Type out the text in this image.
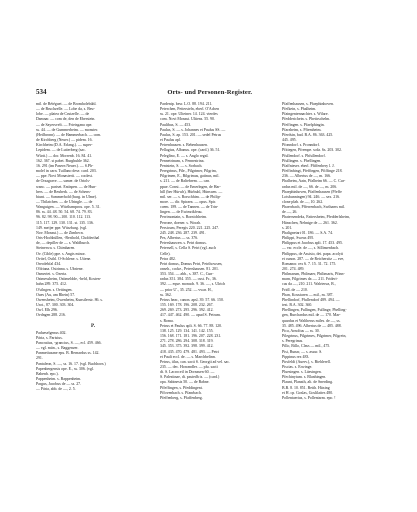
534	Orts- und Personen-Register.
mil. de Bétéguet. — de Bromholebühl.
— de Bruchzelle. — Lobe da, s. Beu-
lobe. — platea de Crutzelle. — de
Damnar. — com de, den de Eberstein.
— de Sayersvelt. — Frieisgana ope.
ss. 44. — de Gummerheim. — monster.
(Heilbronn). — de Hammerbach. — com.
de Kirchberg (Neuer.) — pidem. 16.
Kirchheim (D.A. Erlang.). — super-
Lepidem. — de Lutterberg (sac.
Württ.) — dor. Morrenb. 16. 84. 41.
162. 367. st pabet. Burgbuhle 362.
16. 291 (im Pasern Neuer.). — S.Ph-
molel in carn. Tuillano dese. card. 203.
— ppe. Novi Monasterii. — coolest.
de Orsagrave. — samer. de Oriols-
wanc. — pariset. Entispen. — de Hun-
hers. — de Reuberk. — de Schens-
biunt. — Sammerhold (burg. in Ulme).
— Thilatchen. — de Ulringle. — de
Wanguigen. — Würthamprou. ope. 5. 31.
86. ss. 44. 48. 50. 54. 68. 74. 79. 83.
96. 82. 98. 90—100. 110. 112. 113.
115. 117. 129. 130. 131. st. 135. 136.
149. meijer ppe. Würzburg. (vgl.
Nov. Monast.) — de Zimbecn.
Orts-Hochhüllen, -Berthold, Cholderthal
de, — depiller de — s. Waldburch.
Steinerwa. s. Chimbaren.
Ov. (Cible) ppe. s. Angis minor.
Ovitel, Osthl. O-Schlene. s. Utiene.
Orecdebfal 434.
O'driana. Ostrinna. s. Ubriene.
Osmeriet. s. Ozeria.
Ostmessheim, Ostimeldde, -beld, Kosten-
hahn 289. 375. 412.
O'stlngen. s. Oettingen.
Oues (Au, am Rhein) 57.
Owensheim, Owenheim, Kunstlerstr. 86. s.
Urot., 87. 300. 303. 304.
Owl. Elb 296.
Ovdngen 288. 216.
P.
Padaeselgenus 402.
Pária, s. Parisius.
Pancratius, -grancius, S. —, ecl. 459. 466.
— vgl. mün., s. Baggenzer.
Panmetiusane epu. B. Bernardus ss. 142.
291.
Pantaleon, S. —, ss. 16. 17. (vgl. Buchhorn.)
Papenbergensis ope. E., ss. 306. (vgl.
Babenb. epo.).
Pappenheim. s. Bappenheim.
Pargus, Jacobus de — ss. 27.
— Pária, abb. de —, 2. 5.
Pardenip. besr. L.O. 88. 194. 211.
Peterchen, Pettersteln, eberl. O'Achen
ss. 21. ope. Ulteiner. 14. 124. vierdes
com. Novi Monast. Ultiens. 55. 90.
Paulibus, S. — 453.
Paulus, S. — s. Johannes et Paulus SS. —
Paulus, S. ap. 153. 201. — sedel Petrus
et Paulus apl.
Petrenhausen. s. Bebenhausen.
Pellagius, Albanus. ope. (card.) 36. 51.
Peleglino, E. — s. Anglo regal.
Pennetrinum, s. Pennestrina.
Pentstein, S. — s. Sorbach.
Peregrinus, Pile., Pilgrimer, Pilgrim,
Pilgrimen, E., Bilgrimus, gatinus, mil.
s. 211. — de Baltebrem. — can.
ppue. Const. — de Emerlngen, de Har-
hill (ber Hürwh), Hürbuhl, Hünswm. —
mil. ser. — s. Rorschhim. — de Philip-
more. — dir. Spiraea. — opus. Spir.
coem. 189. — de Tannen. — de Trin-
lingen. — de Ewimrikfeau.
Perrimontain, s. Bornichheim.
Perrone, doener. s. Worah.
Persicum, Peregis 220. 221. 225. 247.
245. 248. 236. 287. 239. 491.
Pes, Albertus — ss. 376.
Petershauwen. s. Petri domus.
Petersell, s. Cella S. Petri (vgl. auch
Celle).
Petra 482.
Petri domus, Domus Petri, Petrihowsen,
onseh., cocke., Petershausen. 81. 201.
353. 354. — abb., s. 387. C., Cun-
radus 351. 384. 355. — cust. Fr., 36.
392. — eque. monach. 9. 36. —, s. Ulrich
— prior U'., 35. 252. — vwar. H.,
ss. 362.
Petrus hear., canon. apsl. 39. 57. 66. 150.
155. 169. 178. 196. 208. 232. 267.
269. 269. 273. 295. 296. 392. 412.
417. 447. 462. 490. — apud S. Petrum.
s. Roma.
Petrus et Paulus apli. S. 66. 77. 88. 120.
138. 125. 129. 134. 141. 142. 155.
156. 168. 171. 181. 196. 207. 228. 231.
271. 278. 286. 294. 308. 318. 319.
345. 353. 375. 392. 398. 399. 412.
418. 435. 470. 479. 481. 493. — Petri
et Pauli eccl. de. — s. Marchbelinn.
Petrus, iilus, can. sacti S. Georgii ad vel. sac.
235. — dec. Horrandler. — plu. sacti
dt. S. Lacroceil in Dornasen 60. —
S. Palestinae, dt. pastedh ts. — (card.)
opa. Sabinesis 50. — de Babne.
Pffeffingen, s. Pfeddingent.
Pffovenbach. s. Pfanrbach.
Pfeffenberg, s. Pfaffenberg.
Pfaffenhausen, s. Pfaephinhoven.
Pfefkein, s. Phalheim.
Pfaingentennachter. s. Wilare.
Pfedderichein. s. Phetirschelm.
Pfeffingen. s. Pfaelphingin.
Pfarzbeim, s. Pfiemheim.
Pferdsin, bad. B.A. 86. 363. 425.
445. 495.
Pfonndorf. s. Pronndorf.
Pfittegen, Pfrempe. scda. 6s. 203. 302.
Pfullendorf. s. Phfullendorf.
Pfullingen. s. Phellingen.
Pfaffnieser. eberl. Pfiffenbery l. J.
Pfeffinhingt, Pfeffingen, Pfiffinge 218.
236. — Albertus de —, m. 166.
Phalheim, Aain, Pfalheim 66. — C. Cur-
radus mil. de —, 66. de —, m. 206.
Phaephinhoven, Pfaffenhausen (Pfeffe
Lotsbunningen) 94. 246. — sex. 216.
clone plab. de —, 10. 262.
Phaerrbach, Pfferrenbach, Swiharns mil.
de —, 26.
Phatersendeks, Fattersheim, Pfedderlsheim,
Hünschen, Nehnige de — 261. 362.
s. 201.
Phalignetart 01. 186. — S.A. 74.
Philippi, Sweus 495.
Philippus et Jacobus apli. 17. 453. 495.
— vsr. eccle. de —, s. Sillinsenbach.
Philippus, de Assisio, dei. papa. acolyti
et cunon. 287. — de Reichersitz — eve,
Romanor. rex 6. 7. 15. 31. 72. 175.
201. 274. 489.
Philmarum, Philmaer, Philimaris, Pfinn-
marn, Filgrimes da —. 211. Frideri-
cus da —, 210. 211. Walrteruz, B.,
Fridl. de — 210.
Phan, Koustaren — mil., m. 387.
Phellindorf, Pfullendorf 489. 494. —
test. B.A. 302. 360.
Phellingen, Pullingen, Fullinge, Phelling-
gen, Burchardus mil. de — 170. Mar-
quardus et Waltherus miles. de —, ss.
35. 485. 496. Albertus de — 485. 488.
Pica, Arnoltus — ss. 30.
Pilegrinus, Pilgrimes, Pilgrimer, Pilgrein,
s. Peregrinus.
Pillo, Billo, Class — mil., 475.
Pisi, Bunar, — s. assur. S.
Pippinus rex 483.
Pirsfeldi (Auerv.), s. Biehlerell.
Piscias. s. Erwinge.
Pluesingen. s. Lüesingen.
Pfechinytum. s. Blanhingen.
Plaunt, Planath, alt. de Snerding.
B.B. 8. 10. 851. Beith. Hüxing
et H. cp. Goslas, Goslilaites 480.
Pollentaerius, s. Pollentarm. epo. !
